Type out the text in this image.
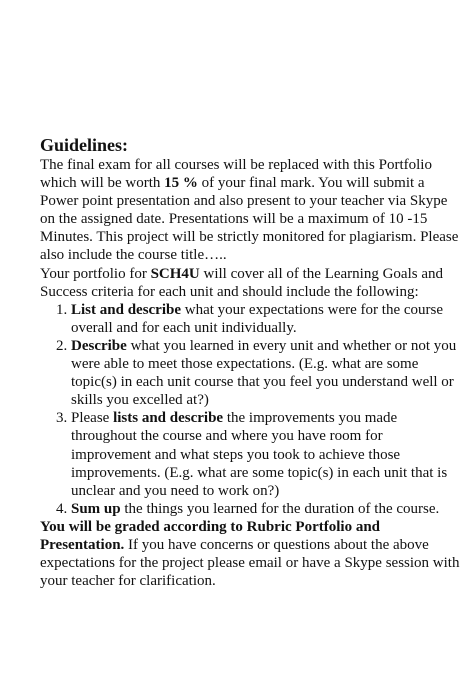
Guidelines:

The final exam for all courses will be replaced with this Portfolio which will be worth 15 % of your final mark. You will submit a Power point presentation and also present to your teacher via Skype on the assigned date. Presentations will be a maximum of 10 -15 Minutes. This project will be strictly monitored for plagiarism. Please also include the course title…..

Your portfolio for SCH4U will cover all of the Learning Goals and Success criteria for each unit and should include the following:

1. List and describe what your expectations were for the course overall and for each unit individually.
2. Describe what you learned in every unit and whether or not you were able to meet those expectations. (E.g. what are some topic(s) in each unit course that you feel you understand well or skills you excelled at?)
3. Please lists and describe the improvements you made throughout the course and where you have room for improvement and what steps you took to achieve those improvements. (E.g. what are some topic(s) in each unit that is unclear and you need to work on?)
4. Sum up the things you learned for the duration of the course.

You will be graded according to Rubric Portfolio and Presentation. If you have concerns or questions about the above expectations for the project please email or have a Skype session with your teacher for clarification.
